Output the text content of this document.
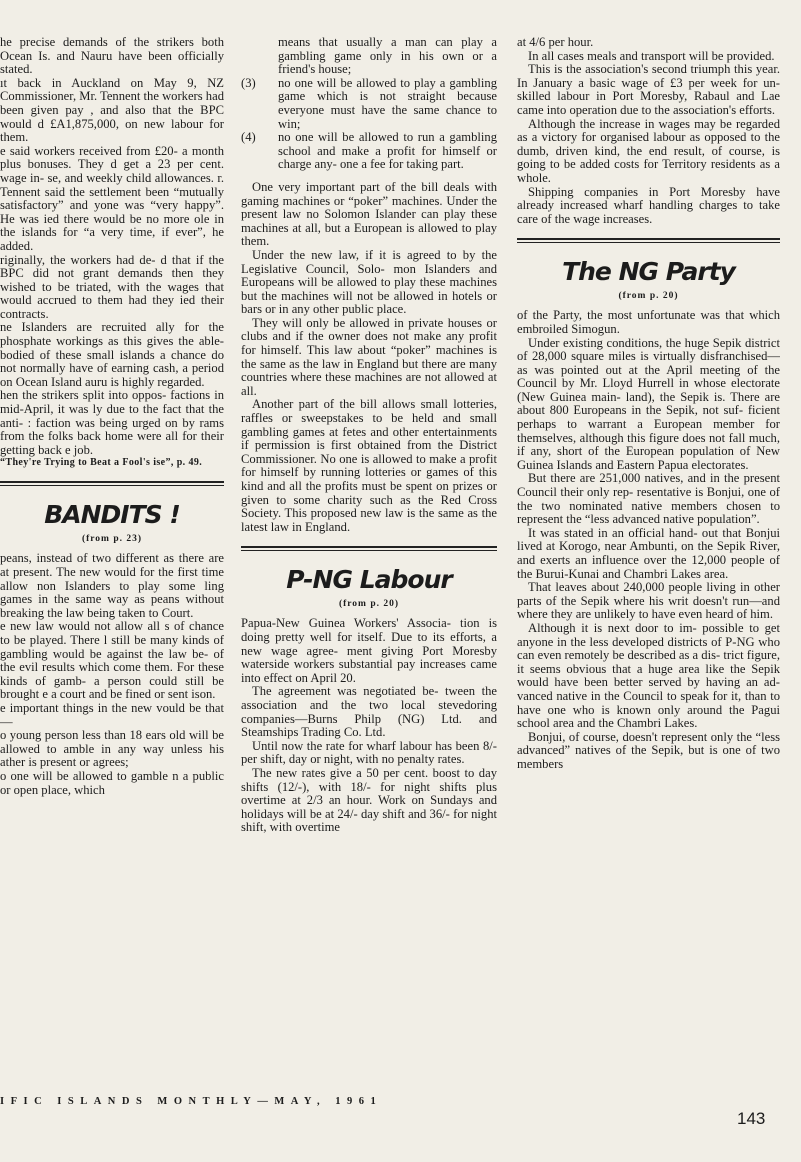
he precise demands of the strikers both Ocean Is. and Nauru have been officially stated.

ıt back in Auckland on May 9, NZ Commissioner, Mr. Tennent the workers had been given pay , and also that the BPC would d £A1,875,000, on new labour for them.

e said workers received from £20- a month plus bonuses. They d get a 23 per cent. wage in- se, and weekly child allowances. r. Tennent said the settlement been “mutually satisfactory” and yone was “very happy”. He was ied there would be no more ole in the islands for “a very time, if ever”, he added.

riginally, the workers had de- d that if the BPC did not grant demands then they wished to be triated, with the wages that would accrued to them had they ied their contracts.

ne Islanders are recruited ally for the phosphate workings as this gives the able-bodied of these small islands a chance do not normally have of earning cash, a period on Ocean Island auru is highly regarded.

hen the strikers split into oppos- factions in mid-April, it was ly due to the fact that the anti- : faction was being urged on by rams from the folks back home were all for their getting back e job.

“They're Trying to Beat a Fool's ise”, p. 49.

BANDITS !
(from p. 23)

peans, instead of two different as there are at present. The new would for the first time allow non Islanders to play some ling games in the same way as peans without breaking the law being taken to Court.

e new law would not allow all s of chance to be played. There l still be many kinds of gambling would be against the law be- of the evil results which come them. For these kinds of gamb- a person could still be brought e a court and be fined or sent ison.

e important things in the new vould be that—

o young person less than 18 ears old will be allowed to amble in any way unless his ather is present or agrees;

o one will be allowed to gamble n a public or open place, which

means that usually a man can play a gambling game only in his own or a friend's house;

(3) no one will be allowed to play a gambling game which is not straight because everyone must have the same chance to win;

(4) no one will be allowed to run a gambling school and make a profit for himself or charge any- one a fee for taking part.

One very important part of the bill deals with gaming machines or “poker” machines. Under the present law no Solomon Islander can play these machines at all, but a European is allowed to play them.

Under the new law, if it is agreed to by the Legislative Council, Solo- mon Islanders and Europeans will be allowed to play these machines but the machines will not be allowed in hotels or bars or in any other public place.

They will only be allowed in private houses or clubs and if the owner does not make any profit for himself. This law about “poker” machines is the same as the law in England but there are many countries where these machines are not allowed at all.

Another part of the bill allows small lotteries, raffles or sweepstakes to be held and small gambling games at fetes and other entertainments if permission is first obtained from the District Commissioner. No one is allowed to make a profit for himself by running lotteries or games of this kind and all the profits must be spent on prizes or given to some charity such as the Red Cross Society. This proposed new law is the same as the latest law in England.

P-NG Labour
(from p. 20)

Papua-New Guinea Workers' Associa- tion is doing pretty well for itself. Due to its efforts, a new wage agree- ment giving Port Moresby waterside workers substantial pay increases came into effect on April 20.

The agreement was negotiated be- tween the association and the two local stevedoring companies—Burns Philp (NG) Ltd. and Steamships Trading Co. Ltd.

Until now the rate for wharf labour has been 8/- per shift, day or night, with no penalty rates.

The new rates give a 50 per cent. boost to day shifts (12/-), with 18/- for night shifts plus overtime at 2/3 an hour. Work on Sundays and holidays will be at 24/- day shift and 36/- for night shift, with overtime

at 4/6 per hour.

In all cases meals and transport will be provided.

This is the association's second triumph this year. In January a basic wage of £3 per week for un- skilled labour in Port Moresby, Rabaul and Lae came into operation due to the association's efforts.

Although the increase in wages may be regarded as a victory for organised labour as opposed to the dumb, driven kind, the end result, of course, is going to be added costs for Territory residents as a whole.

Shipping companies in Port Moresby have already increased wharf handling charges to take care of the wage increases.

The NG Party
(from p. 20)

of the Party, the most unfortunate was that which embroiled Simogun.

Under existing conditions, the huge Sepik district of 28,000 square miles is virtually disfranchised—as was pointed out at the April meeting of the Council by Mr. Lloyd Hurrell in whose electorate (New Guinea main- land), the Sepik is. There are about 800 Europeans in the Sepik, not suf- ficient perhaps to warrant a European member for themselves, although this figure does not fall much, if any, short of the European population of New Guinea Islands and Eastern Papua electorates.

But there are 251,000 natives, and in the present Council their only rep- resentative is Bonjui, one of the two nominated native members chosen to represent the “less advanced native population”.

It was stated in an official hand- out that Bonjui lived at Korogo, near Ambunti, on the Sepik River, and exerts an influence over the 12,000 people of the Burui-Kunai and Chambri Lakes area.

That leaves about 240,000 people living in other parts of the Sepik where his writ doesn't run—and where they are unlikely to have even heard of him.

Although it is next door to im- possible to get anyone in the less developed districts of P-NG who can even remotely be described as a dis- trict figure, it seems obvious that a huge area like the Sepik would have been better served by having an ad- vanced native in the Council to speak for it, than to have one who is known only around the Pagui school area and the Chambri Lakes.

Bonjui, of course, doesn't represent only the “less advanced” natives of the Sepik, but is one of two members

IFIC ISLANDS MONTHLY—MAY, 1961
143
